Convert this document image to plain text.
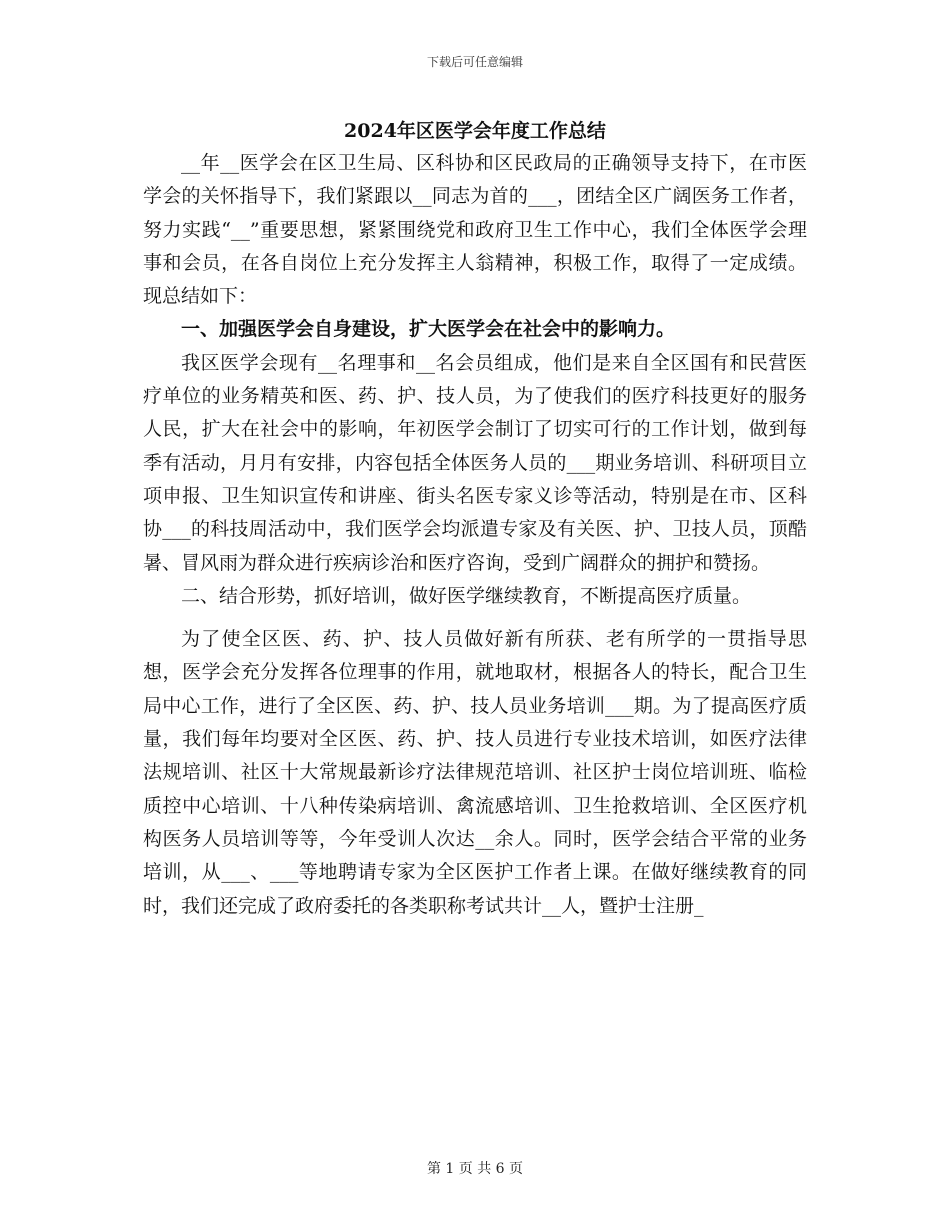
下载后可任意编辑
2024年区医学会年度工作总结

__年__医学会在区卫生局、区科协和区民政局的正确领导支持下，在市医学会的关怀指导下，我们紧跟以__同志为首的___，团结全区广阔医务工作者，努力实践“__”重要思想，紧紧围绕党和政府卫生工作中心，我们全体医学会理事和会员，在各自岗位上充分发挥主人翁精神，积极工作，取得了一定成绩。现总结如下：

一、加强医学会自身建设，扩大医学会在社会中的影响力。

我区医学会现有__名理事和__名会员组成，他们是来自全区国有和民营医疗单位的业务精英和医、药、护、技人员，为了使我们的医疗科技更好的服务人民，扩大在社会中的影响，年初医学会制订了切实可行的工作计划，做到每季有活动，月月有安排，内容包括全体医务人员的___期业务培训、科研项目立项申报、卫生知识宣传和讲座、街头名医专家义诊等活动，特别是在市、区科协___的科技周活动中，我们医学会均派遣专家及有关医、护、卫技人员，顶酷暑、冒风雨为群众进行疾病诊治和医疗咨询，受到广阔群众的拥护和赞扬。

二、结合形势，抓好培训，做好医学继续教育，不断提高医疗质量。

为了使全区医、药、护、技人员做好新有所获、老有所学的一贯指导思想，医学会充分发挥各位理事的作用，就地取材，根据各人的特长，配合卫生局中心工作，进行了全区医、药、护、技人员业务培训___期。为了提高医疗质量，我们每年均要对全区医、药、护、技人员进行专业技术培训，如医疗法律法规培训、社区十大常规最新诊疗法律规范培训、社区护士岗位培训班、临检质控中心培训、十八种传染病培训、禽流感培训、卫生抢救培训、全区医疗机构医务人员培训等等，今年受训人次达__余人。同时，医学会结合平常的业务培训，从___、___等地聘请专家为全区医护工作者上课。在做好继续教育的同时，我们还完成了政府委托的各类职称考试共计__人，暨护士注册_

第 1 页 共 6 页
